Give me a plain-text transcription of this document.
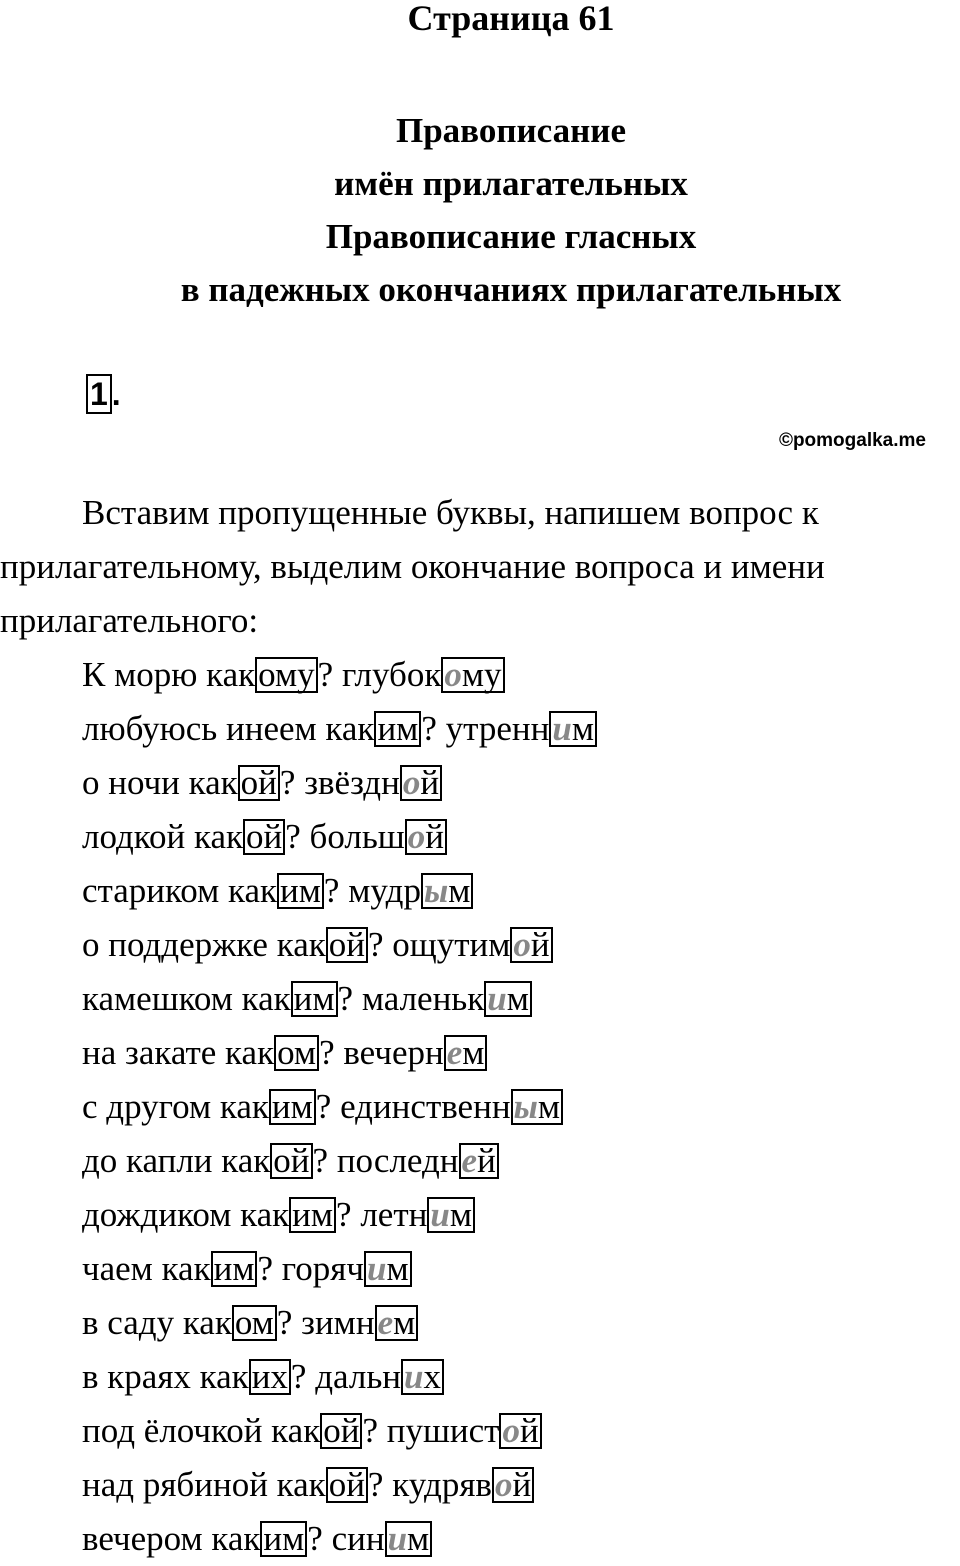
Страница 61
Правописание
имён прилагательных
Правописание гласных
в падежных окончаниях прилагательных
1 .
©pomogalka.me

Вставим пропущенные буквы, напишем вопрос к прилагательному, выделим окончание вопроса и имени прилагательного:

К морю какому? глубокому
любуюсь инеем каким? утренним
о ночи какой? звёздной
лодкой какой? большой
стариком каким? мудрым
о поддержке какой? ощутимой
камешком каким? маленьким
на закате каком? вечернем
с другом каким? единственным
до капли какой? последней
дождиком каким? летним
чаем каким? горячим
в саду каком? зимнем
в краях каких? дальних
под ёлочкой какой? пушистой
над рябиной какой? кудрявой
вечером каким? синим
